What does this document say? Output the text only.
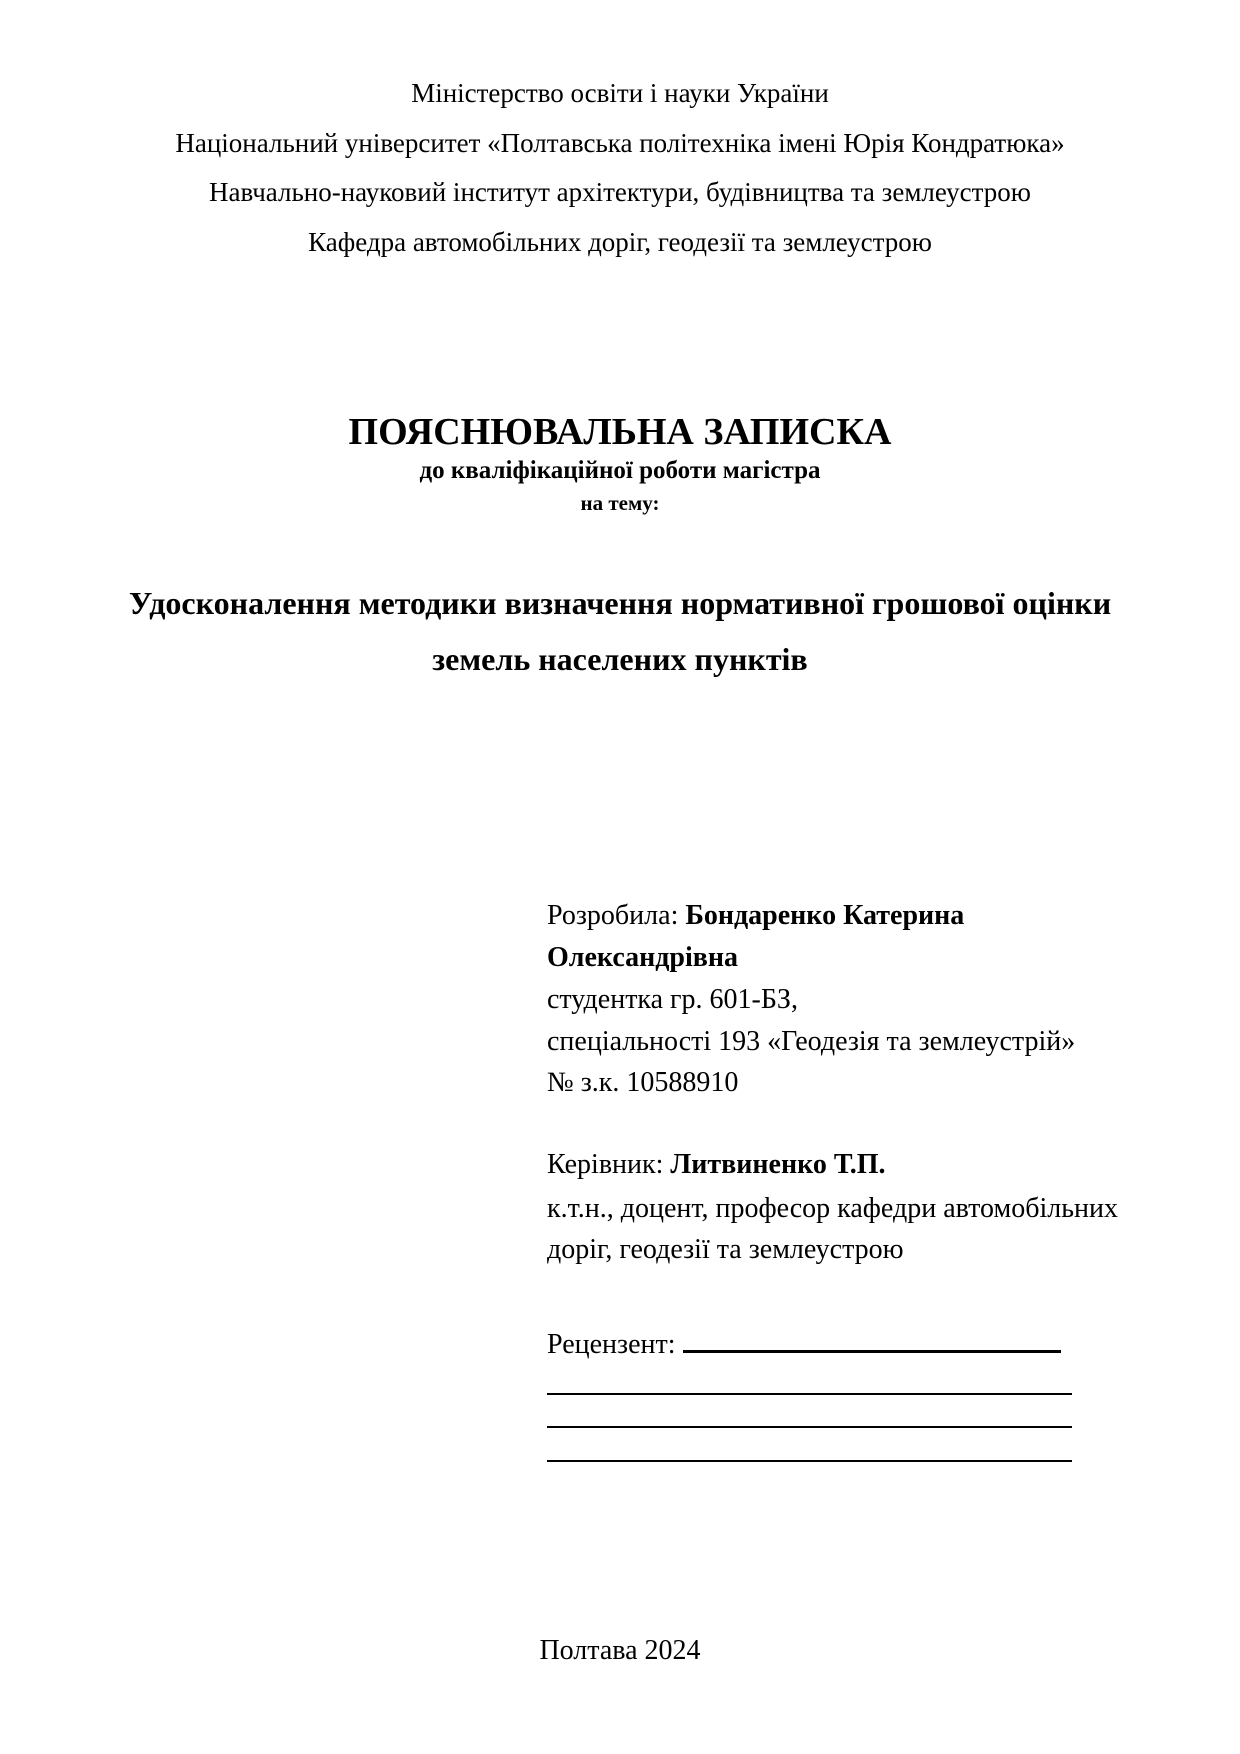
Міністерство освіти і науки України
Національний університет «Полтавська політехніка імені Юрія Кондратюка»
Навчально-науковий інститут архітектури, будівництва та землеустрою
Кафедра автомобільних доріг, геодезії та землеустрою
ПОЯСНЮВАЛЬНА ЗАПИСКА
до кваліфікаційної роботи магістра
на тему:
Удосконалення методики визначення нормативної грошової оцінки
земель населених пунктів
Розробила: Бондаренко Катерина
Олександрівна
студентка гр. 601-БЗ,
спеціальності 193 «Геодезія та землеустрій»
№ з.к. 10588910
Керівник: Литвиненко Т.П.
к.т.н., доцент, професор кафедри автомобільних
доріг, геодезії та землеустрою
Рецензент:
Полтава 2024
